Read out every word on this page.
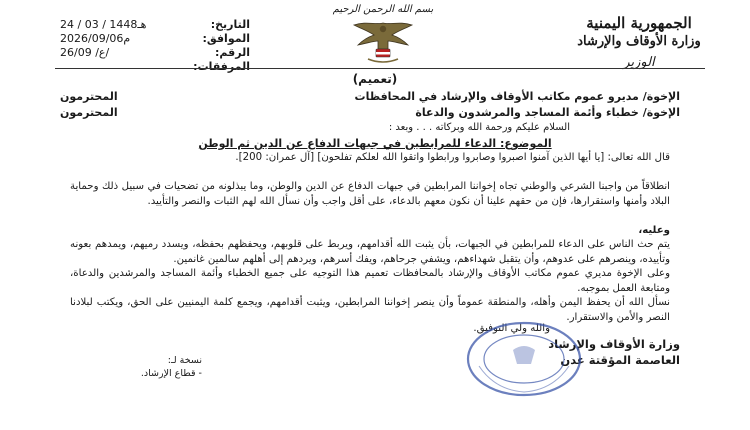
الجمهورية اليمنية
وزارة الأوقاف والإرشاد
الوزير
بسم الله الرحمن الرحيم
التاريخ:
24 / 03 / 1448هـ
الموافق:
2026/09/06م
الرقم:
ع/ 26/09/
المرفقات:
(تعميم)
الإخوة/ مديرو عموم مكاتب الأوقاف والإرشاد في المحافظات
المحترمون
الإخوة/ خطباء وأئمة المساجد والمرشدون والدعاة
المحترمون
السلام عليكم ورحمة الله وبركاته . . . وبعد :
الموضوع: الدعاء للمرابطين في جبهات الدفاع عن الدين ثم الوطن
قال الله تعالى: [يا أيها الذين آمنوا اصبروا وصابروا ورابطوا واتقوا الله لعلكم تفلحون] [آل عمران: 200].
انطلاقاً من واجبنا الشرعي والوطني تجاه إخواننا المرابطين في جبهات الدفاع عن الدين والوطن، وما يبذلونه من تضحيات في سبيل ذلك وحماية البلاد وأمنها واستقرارها، فإن من حقهم علينا أن نكون معهم بالدعاء، على أقل واجب وأن نسأل الله لهم الثبات والنصر والتأييد.
وعليه،
يتم حث الناس على الدعاء للمرابطين في الجبهات، بأن يثبت الله أقدامهم، ويربط على قلوبهم، ويحفظهم بحفظه، ويسدد رميهم، ويمدهم بعونه وتأييده، وينصرهم على عدوهم، وأن يتقبل شهداءهم، ويشفي جرحاهم، ويفك أسرهم، ويردهم إلى أهلهم سالمين غانمين.
وعلى الإخوة مديري عموم مكاتب الأوقاف والإرشاد بالمحافظات تعميم هذا التوجيه على جميع الخطباء وأئمة المساجد والمرشدين والدعاة، ومتابعة العمل بموجبه.
نسأل الله أن يحفظ اليمن وأهله، والمنطقة عموماً وأن ينصر إخواننا المرابطين، ويثبت أقدامهم، ويجمع كلمة اليمنيين على الحق، ويكتب لبلادنا النصر والأمن والاستقرار.
والله ولي التوفيق.
وزارة الأوقاف والإرشاد
العاصمة المؤقتة عدن
نسخة لـ:
- قطاع الإرشاد.
